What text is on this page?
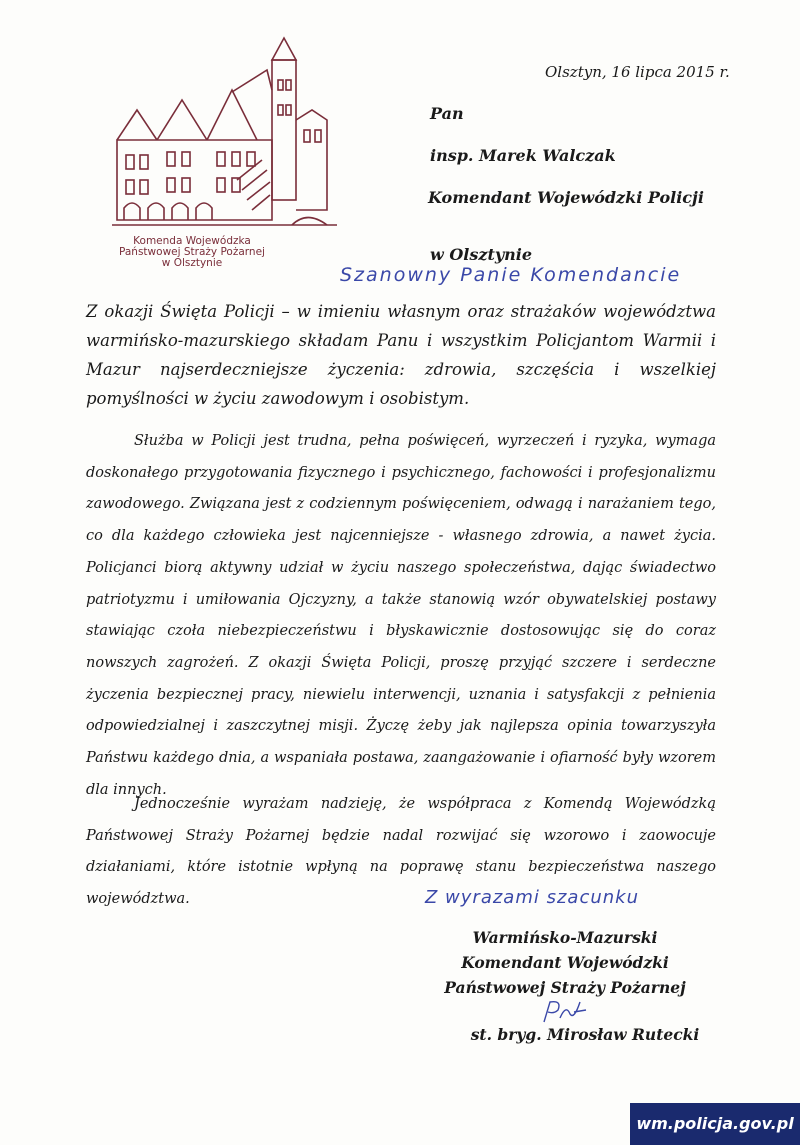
Komenda Wojewódzka
Państwowej Straży Pożarnej
w Olsztynie
Olsztyn, 16 lipca 2015 r.
Pan
insp. Marek Walczak
Komendant Wojewódzki Policji
w Olsztynie
Szanowny Panie Komendancie
Z okazji Święta Policji – w imieniu własnym oraz strażaków województwa warmińsko-mazurskiego składam Panu i wszystkim Policjantom Warmii i Mazur najserdeczniejsze życzenia: zdrowia, szczęścia i wszelkiej pomyślności w życiu zawodowym i osobistym.
Służba w Policji jest trudna, pełna poświęceń, wyrzeczeń i ryzyka, wymaga doskonałego przygotowania fizycznego i psychicznego, fachowości i profesjonalizmu zawodowego. Związana jest z codziennym poświęceniem, odwagą i narażaniem tego, co dla każdego człowieka jest najcenniejsze - własnego zdrowia, a nawet życia. Policjanci biorą aktywny udział w życiu naszego społeczeństwa, dając świadectwo patriotyzmu i umiłowania Ojczyzny, a także stanowią wzór obywatelskiej postawy stawiając czoła niebezpieczeństwu i błyskawicznie dostosowując się do coraz nowszych zagrożeń. Z okazji Święta Policji, proszę przyjąć szczere i serdeczne życzenia bezpiecznej pracy, niewielu interwencji, uznania i satysfakcji z pełnienia odpowiedzialnej i zaszczytnej misji. Życzę żeby jak najlepsza opinia towarzyszyła Państwu każdego dnia, a wspaniała postawa, zaangażowanie i ofiarność były wzorem dla innych.
Jednocześnie wyrażam nadzieję, że współpraca z Komendą Wojewódzką Państwowej Straży Pożarnej będzie nadal rozwijać się wzorowo i zaowocuje działaniami, które istotnie wpłyną na poprawę stanu bezpieczeństwa naszego województwa.	Z wyrazami szacunku
Warmińsko-Mazurski
Komendant Wojewódzki
Państwowej Straży Pożarnej
st. bryg. Mirosław Rutecki
wm.policja.gov.pl
